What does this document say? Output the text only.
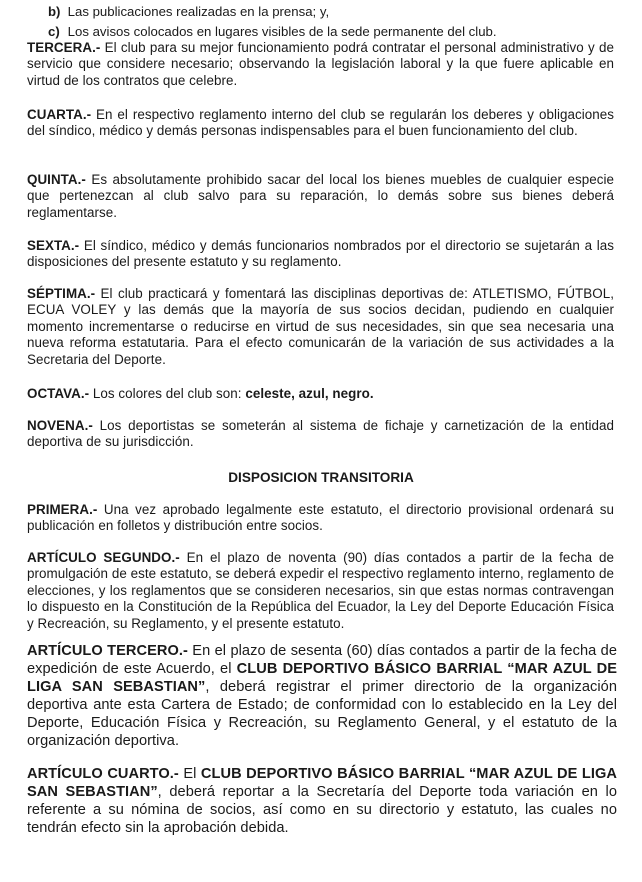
b)
Las publicaciones realizadas en la prensa; y,
c)
Los avisos colocados en lugares visibles de la sede permanente del club.

TERCERA.- El club para su mejor funcionamiento podrá contratar el personal administrativo y de servicio que considere necesario; observando la legislación laboral y la que fuere aplicable en virtud de los contratos que celebre.

CUARTA.- En el respectivo reglamento interno del club se regularán los deberes y obligaciones del síndico, médico y demás personas indispensables para el buen funcionamiento del club.

QUINTA.- Es absolutamente prohibido sacar del local los bienes muebles de cualquier especie que pertenezcan al club salvo para su reparación, lo demás sobre sus bienes deberá reglamentarse.

SEXTA.- El síndico, médico y demás funcionarios nombrados por el directorio se sujetarán a las disposiciones del presente estatuto y su reglamento.

SÉPTIMA.- El club practicará y fomentará las disciplinas deportivas de: ATLETISMO, FÚTBOL, ECUA VOLEY y las demás que la mayoría de sus socios decidan, pudiendo en cualquier momento incrementarse o reducirse en virtud de sus necesidades, sin que sea necesaria una nueva reforma estatutaria. Para el efecto comunicarán de la variación de sus actividades a la Secretaria del Deporte.

OCTAVA.- Los colores del club son: celeste, azul, negro.

NOVENA.- Los deportistas se someterán al sistema de fichaje y carnetización de la entidad deportiva de su jurisdicción.

DISPOSICION TRANSITORIA

PRIMERA.- Una vez aprobado legalmente este estatuto, el directorio provisional ordenará su publicación en folletos y distribución entre socios.

ARTÍCULO SEGUNDO.- En el plazo de noventa (90) días contados a partir de la fecha de promulgación de este estatuto, se deberá expedir el respectivo reglamento interno, reglamento de elecciones, y los reglamentos que se consideren necesarios, sin que estas normas contravengan lo dispuesto en la Constitución de la República del Ecuador, la Ley del Deporte Educación Física y Recreación, su Reglamento, y el presente estatuto.

ARTÍCULO TERCERO.- En el plazo de sesenta (60) días contados a partir de la fecha de expedición de este Acuerdo, el CLUB DEPORTIVO BÁSICO BARRIAL “MAR AZUL DE LIGA SAN SEBASTIAN”, deberá registrar el primer directorio de la organización deportiva ante esta Cartera de Estado; de conformidad con lo establecido en la Ley del Deporte, Educación Física y Recreación, su Reglamento General, y el estatuto de la organización deportiva.

ARTÍCULO CUARTO.- El CLUB DEPORTIVO BÁSICO BARRIAL “MAR AZUL DE LIGA SAN SEBASTIAN”, deberá reportar a la Secretaría del Deporte toda variación en lo referente a su nómina de socios, así como en su directorio y estatuto, las cuales no tendrán efecto sin la aprobación debida.
